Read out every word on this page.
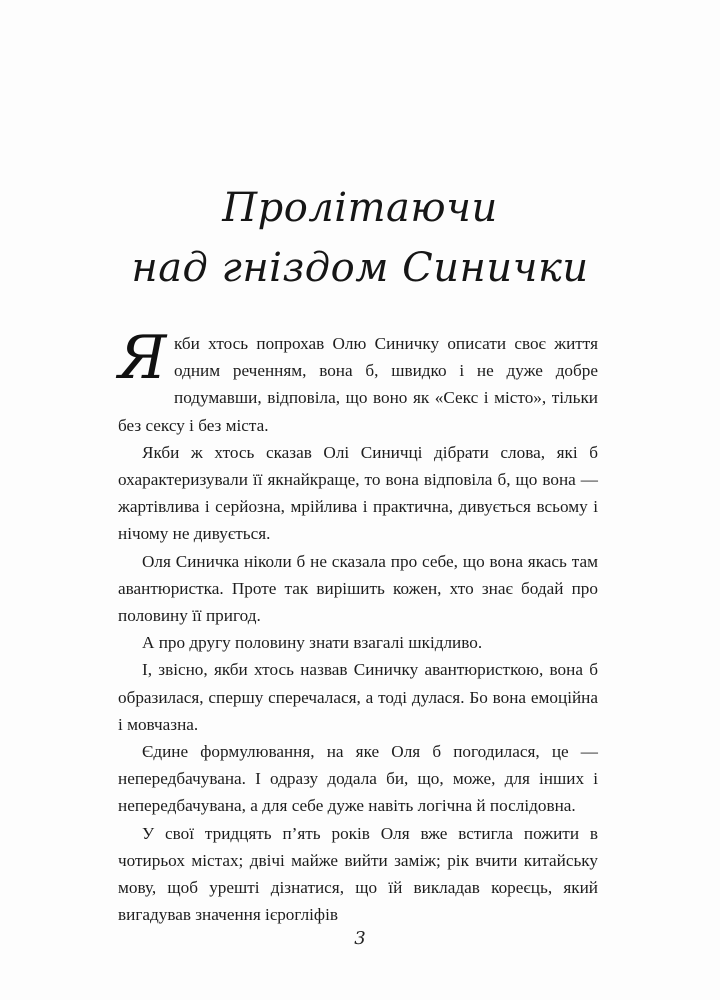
Пролітаючи
над гніздом Синички

Якби хтось попрохав Олю Синичку описати своє життя одним реченням, вона б, швидко і не дуже добре подумавши, відповіла, що воно як «Секс і місто», тільки без сексу і без міста.

Якби ж хтось сказав Олі Синичці дібрати слова, які б охарактеризували її якнайкраще, то вона відповіла б, що вона — жартівлива і серйозна, мрійлива і практична, дивується всьому і нічому не дивується.

Оля Синичка ніколи б не сказала про себе, що вона якась там авантюристка. Проте так вирішить кожен, хто знає бодай про половину її пригод.

А про другу половину знати взагалі шкідливо.

І, звісно, якби хтось назвав Синичку авантюристкою, вона б образилася, спершу сперечалася, а тоді дулася. Бо вона емоційна і мовчазна.

Єдине формулювання, на яке Оля б погодилася, це — непередбачувана. І одразу додала би, що, може, для інших і непередбачувана, а для себе дуже навіть логічна й послідовна.

У свої тридцять п’ять років Оля вже встигла пожити в чотирьох містах; двічі майже вийти заміж; рік вчити китайську мову, щоб урешті дізнатися, що їй викладав кореєць, який вигадував значення ієрогліфів

3
